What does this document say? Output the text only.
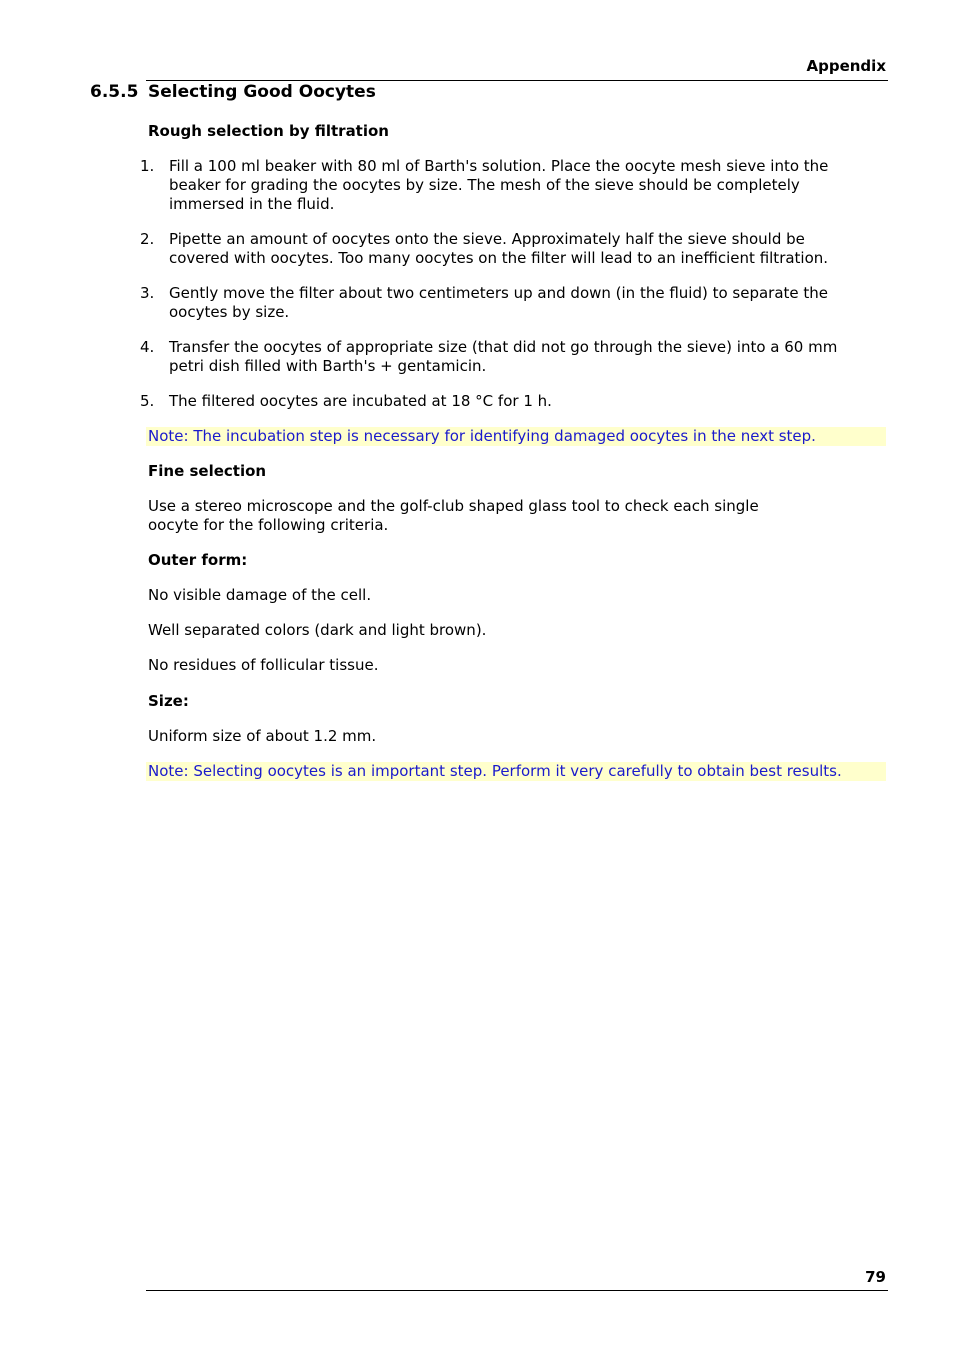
Appendix
6.5.5 Selecting Good Oocytes
Rough selection by filtration
1. Fill a 100 ml beaker with 80 ml of Barth's solution. Place the oocyte mesh sieve into the beaker for grading the oocytes by size. The mesh of the sieve should be completely immersed in the fluid.
2. Pipette an amount of oocytes onto the sieve. Approximately half the sieve should be covered with oocytes. Too many oocytes on the filter will lead to an inefficient filtration.
3. Gently move the filter about two centimeters up and down (in the fluid) to separate the oocytes by size.
4. Transfer the oocytes of appropriate size (that did not go through the sieve) into a 60 mm petri dish filled with Barth's + gentamicin.
5. The filtered oocytes are incubated at 18 °C for 1 h.
Note: The incubation step is necessary for identifying damaged oocytes in the next step.
Fine selection
Use a stereo microscope and the golf-club shaped glass tool to check each single oocyte for the following criteria.
Outer form:
No visible damage of the cell.
Well separated colors (dark and light brown).
No residues of follicular tissue.
Size:
Uniform size of about 1.2 mm.
Note: Selecting oocytes is an important step. Perform it very carefully to obtain best results.
79
